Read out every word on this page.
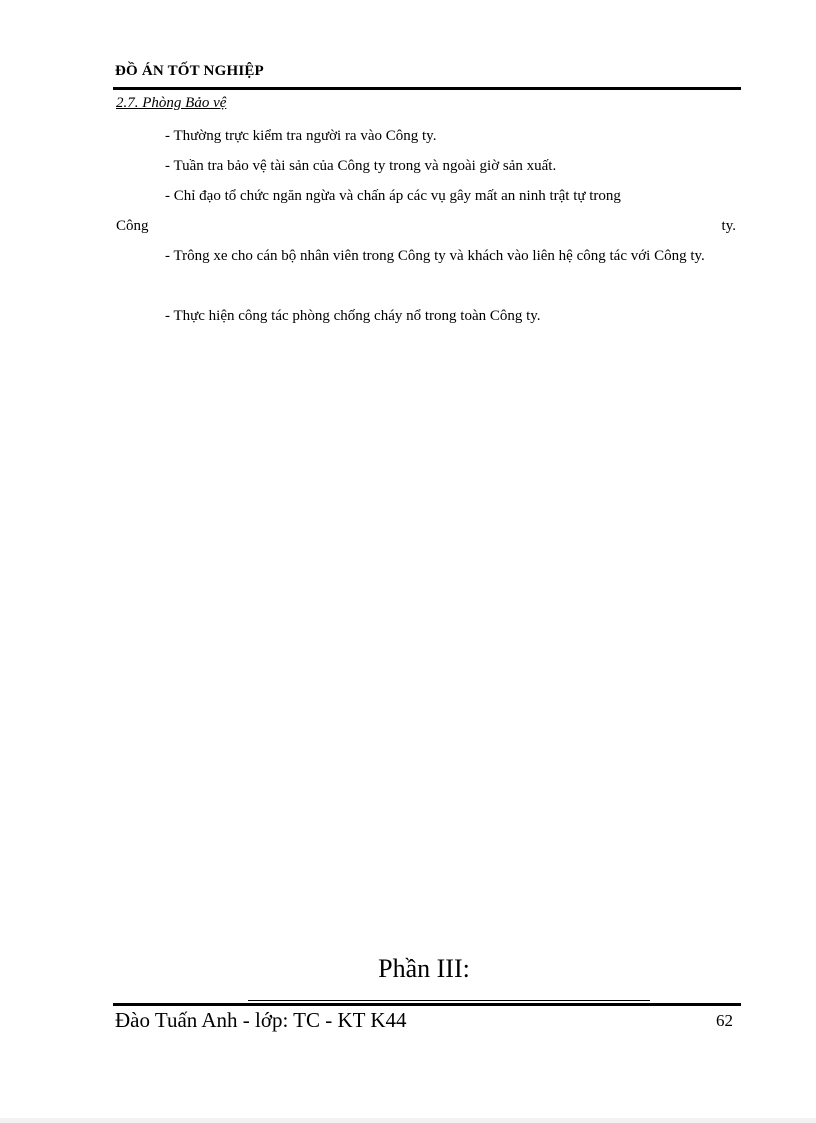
ĐỒ ÁN TỐT NGHIỆP
2.7. Phòng Bảo vệ
- Thường trực kiểm tra người ra vào Công ty.
- Tuần tra bảo vệ tài sản của Công ty trong và ngoài giờ sản xuất.
- Chỉ đạo tổ chức ngăn ngừa và chấn áp các vụ gây mất an ninh trật tự trong
Công	ty.
- Trông xe cho cán bộ nhân viên trong Công ty và khách vào liên hệ công tác với Công ty.
- Thực hiện công tác phòng chống cháy nổ trong toàn Công ty.
Phần III:
Đào Tuấn Anh - lớp: TC - KT K44	62
